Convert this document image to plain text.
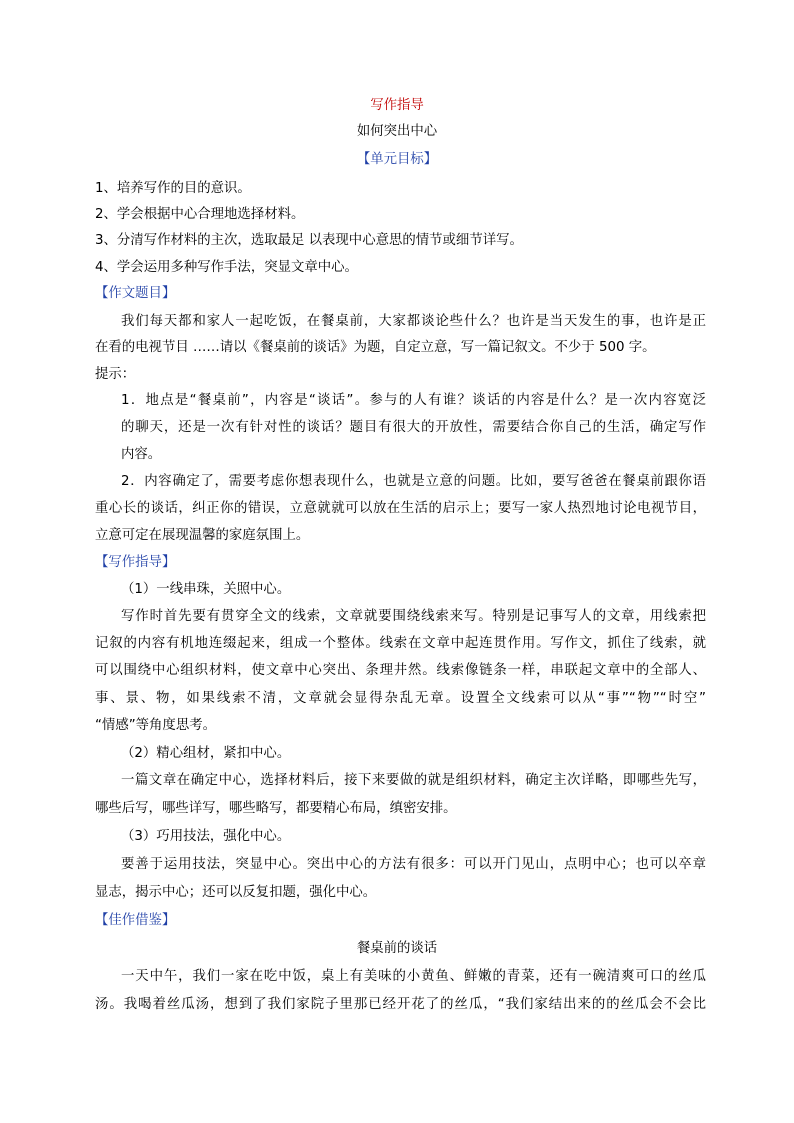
写作指导
如何突出中心
【单元目标】
1、培养写作的目的意识。
2、学会根据中心合理地选择材料。
3、分清写作材料的主次，选取最足 以表现中心意思的情节或细节详写。
4、学会运用多种写作手法，突显文章中心。
【作文题目】
我们每天都和家人一起吃饭，在餐桌前，大家都谈论些什么？也许是当天发生的事，也许是正
在看的电视节目 ……请以《餐桌前的谈话》为题，自定立意，写一篇记叙文。不少于 500 字。
提示：
1．地点是“餐桌前”，内容是“谈话”。参与的人有谁？谈话的内容是什么？是一次内容宽泛
的聊天，还是一次有针对性的谈话？题目有很大的开放性，需要结合你自己的生活，确定写作
内容。
2．内容确定了，需要考虑你想表现什么，也就是立意的问题。比如，要写爸爸在餐桌前跟你语
重心长的谈话，纠正你的错误，立意就就可以放在生活的启示上；要写一家人热烈地讨论电视节目，
立意可定在展现温馨的家庭氛围上。
【写作指导】
（1）一线串珠，关照中心。
写作时首先要有贯穿全文的线索，文章就要围绕线索来写。特别是记事写人的文章，用线索把
记叙的内容有机地连缀起来，组成一个整体。线索在文章中起连贯作用。写作文，抓住了线索，就
可以围绕中心组织材料，使文章中心突出、条理井然。线索像链条一样，串联起文章中的全部人、
事、景、物，如果线索不清，文章就会显得杂乱无章。设置全文线索可以从“事”“物”“时空”
“情感”等角度思考。
（2）精心组材，紧扣中心。
一篇文章在确定中心，选择材料后，接下来要做的就是组织材料，确定主次详略，即哪些先写，
哪些后写，哪些详写，哪些略写，都要精心布局，缜密安排。
（3）巧用技法，强化中心。
要善于运用技法，突显中心。突出中心的方法有很多：可以开门见山，点明中心；也可以卒章
显志，揭示中心；还可以反复扣题，强化中心。
【佳作借鉴】
餐桌前的谈话
一天中午，我们一家在吃中饭，桌上有美味的小黄鱼、鲜嫩的青菜，还有一碗清爽可口的丝瓜
汤。我喝着丝瓜汤，想到了我们家院子里那已经开花了的丝瓜，“我们家结出来的的丝瓜会不会比
